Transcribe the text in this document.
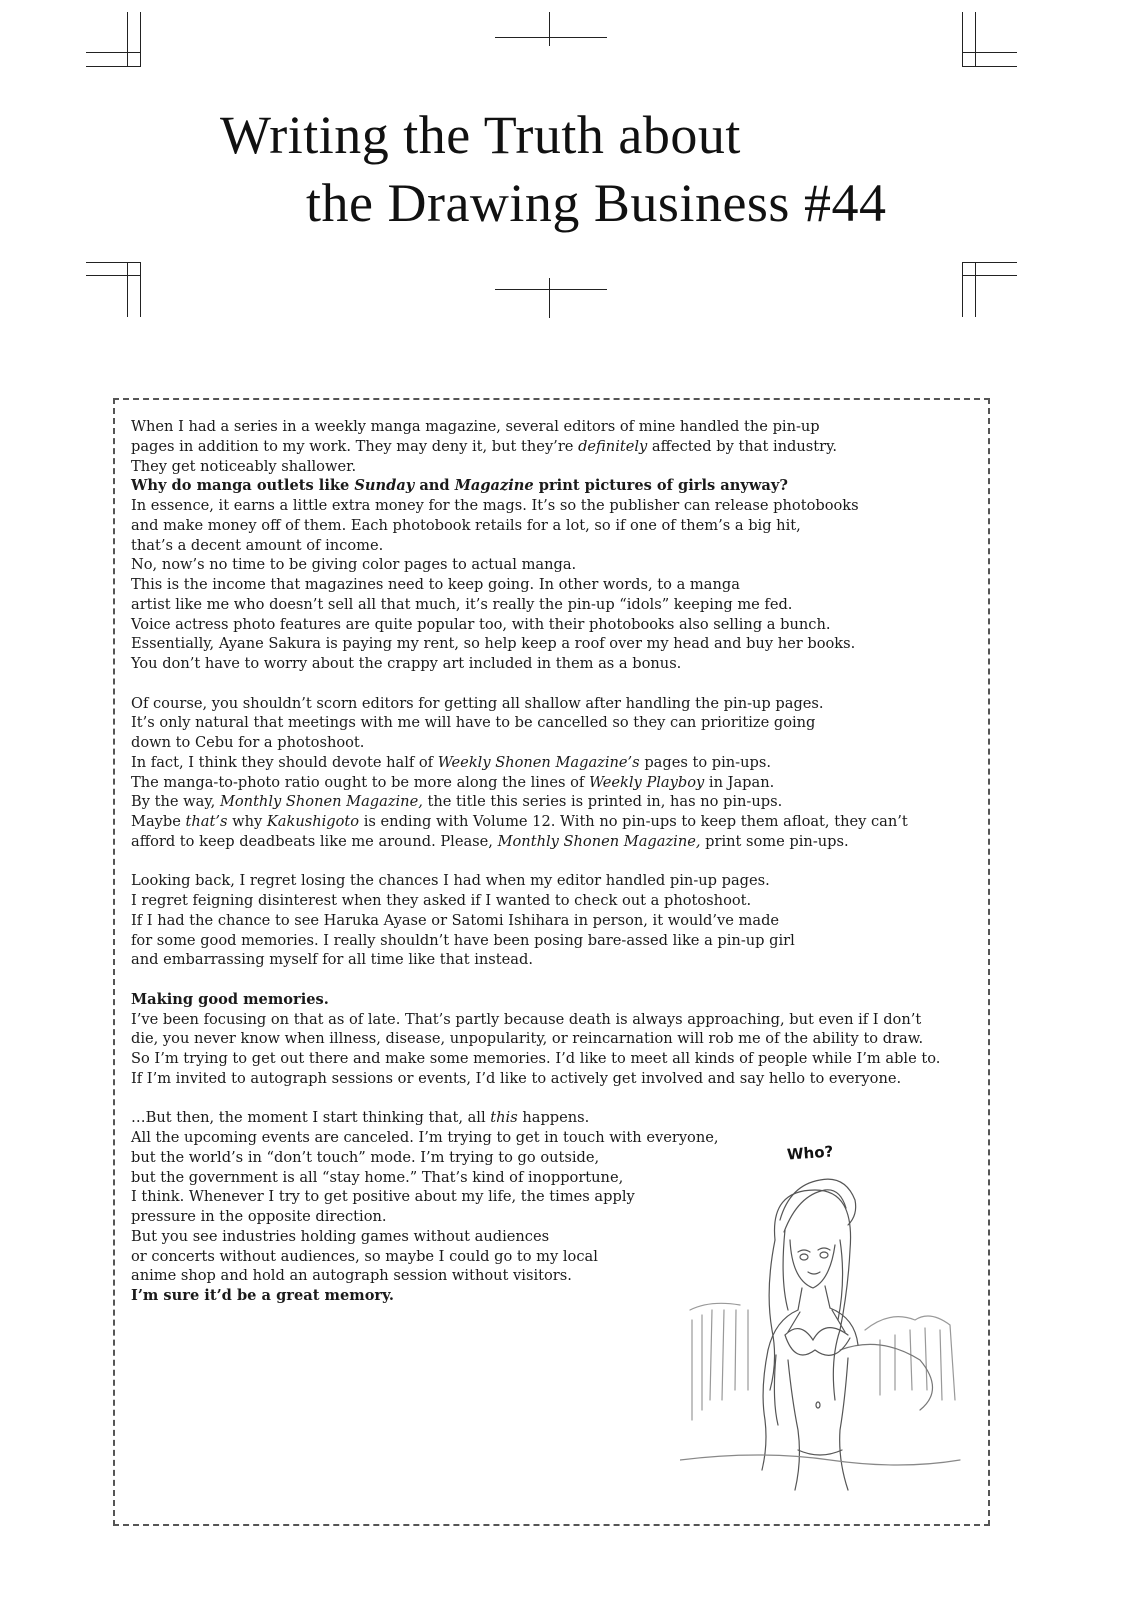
Writing the Truth about
the Drawing Business #44
When I had a series in a weekly manga magazine, several editors of mine handled the pin-up
pages in addition to my work. They may deny it, but they’re definitely affected by that industry.
They get noticeably shallower.
Why do manga outlets like Sunday and Magazine print pictures of girls anyway?
In essence, it earns a little extra money for the mags. It’s so the publisher can release photobooks
and make money off of them. Each photobook retails for a lot, so if one of them’s a big hit,
that’s a decent amount of income.
No, now’s no time to be giving color pages to actual manga.
This is the income that magazines need to keep going. In other words, to a manga
artist like me who doesn’t sell all that much, it’s really the pin-up “idols” keeping me fed.
Voice actress photo features are quite popular too, with their photobooks also selling a bunch.
Essentially, Ayane Sakura is paying my rent, so help keep a roof over my head and buy her books.
You don’t have to worry about the crappy art included in them as a bonus.
Of course, you shouldn’t scorn editors for getting all shallow after handling the pin-up pages.
It’s only natural that meetings with me will have to be cancelled so they can prioritize going
down to Cebu for a photoshoot.
In fact, I think they should devote half of Weekly Shonen Magazine’s pages to pin-ups.
The manga-to-photo ratio ought to be more along the lines of Weekly Playboy in Japan.
By the way, Monthly Shonen Magazine, the title this series is printed in, has no pin-ups.
Maybe that’s why Kakushigoto is ending with Volume 12. With no pin-ups to keep them afloat, they can’t
afford to keep deadbeats like me around. Please, Monthly Shonen Magazine, print some pin-ups.
Looking back, I regret losing the chances I had when my editor handled pin-up pages.
I regret feigning disinterest when they asked if I wanted to check out a photoshoot.
If I had the chance to see Haruka Ayase or Satomi Ishihara in person, it would’ve made
for some good memories. I really shouldn’t have been posing bare-assed like a pin-up girl
and embarrassing myself for all time like that instead.
Making good memories.
I’ve been focusing on that as of late. That’s partly because death is always approaching, but even if I don’t
die, you never know when illness, disease, unpopularity, or reincarnation will rob me of the ability to draw.
So I’m trying to get out there and make some memories. I’d like to meet all kinds of people while I’m able to.
If I’m invited to autograph sessions or events, I’d like to actively get involved and say hello to everyone.
…But then, the moment I start thinking that, all this happens.
All the upcoming events are canceled. I’m trying to get in touch with everyone,
but the world’s in “don’t touch” mode. I’m trying to go outside,
but the government is all “stay home.” That’s kind of inopportune,
I think. Whenever I try to get positive about my life, the times apply
pressure in the opposite direction.
But you see industries holding games without audiences
or concerts without audiences, so maybe I could go to my local
anime shop and hold an autograph session without visitors.
I’m sure it’d be a great memory.
Who?
